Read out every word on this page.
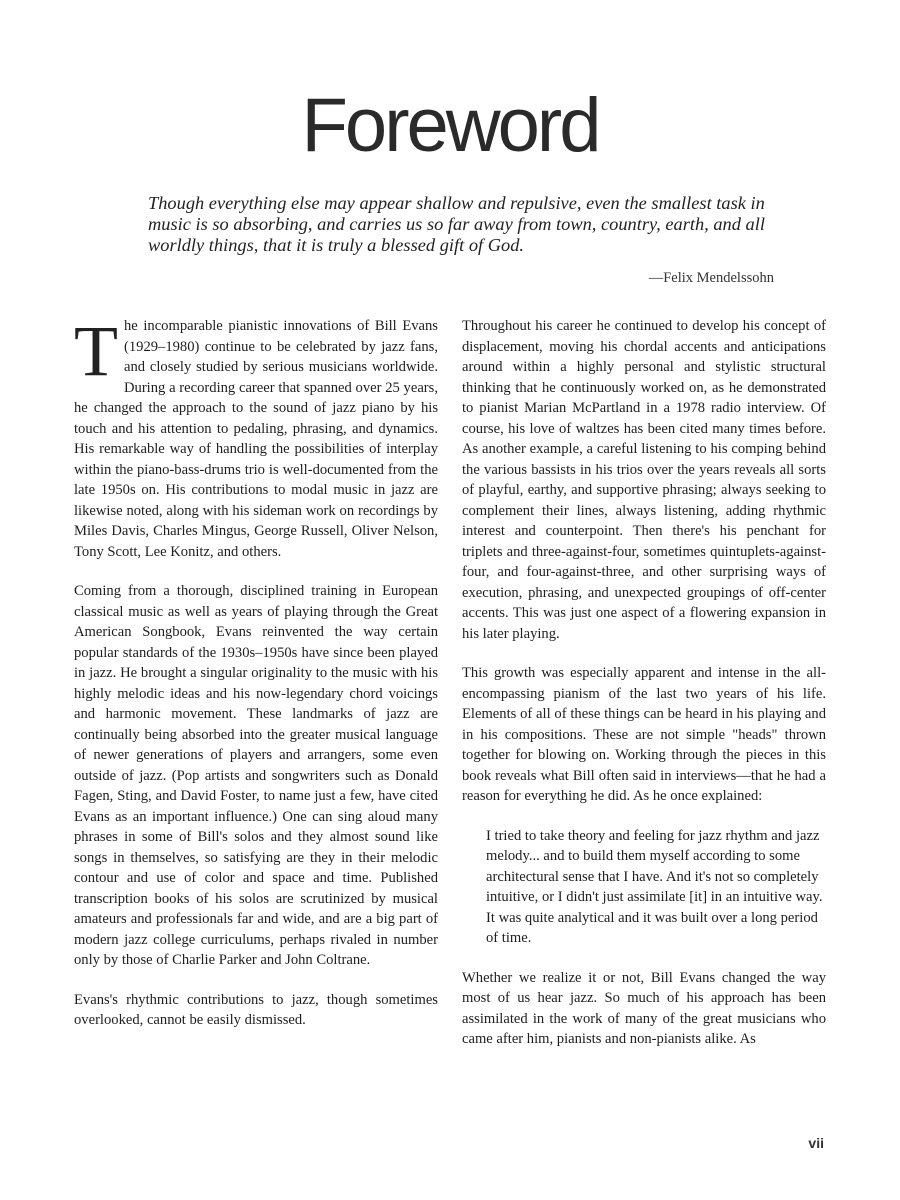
Foreword

Though everything else may appear shallow and repulsive, even the smallest task in music is so absorbing, and carries us so far away from town, country, earth, and all worldly things, that it is truly a blessed gift of God.

—Felix Mendelssohn

The incomparable pianistic innovations of Bill Evans (1929–1980) continue to be celebrated by jazz fans, and closely studied by serious musicians worldwide. During a recording career that spanned over 25 years, he changed the approach to the sound of jazz piano by his touch and his attention to pedaling, phrasing, and dynamics. His remarkable way of handling the possibilities of interplay within the piano-bass-drums trio is well-documented from the late 1950s on. His contributions to modal music in jazz are likewise noted, along with his sideman work on recordings by Miles Davis, Charles Mingus, George Russell, Oliver Nelson, Tony Scott, Lee Konitz, and others.

Coming from a thorough, disciplined training in European classical music as well as years of playing through the Great American Songbook, Evans reinvented the way certain popular standards of the 1930s–1950s have since been played in jazz. He brought a singular originality to the music with his highly melodic ideas and his now-legendary chord voicings and harmonic movement. These landmarks of jazz are continually being absorbed into the greater musical language of newer generations of players and arrangers, some even outside of jazz. (Pop artists and songwriters such as Donald Fagen, Sting, and David Foster, to name just a few, have cited Evans as an important influence.) One can sing aloud many phrases in some of Bill's solos and they almost sound like songs in themselves, so satisfying are they in their melodic contour and use of color and space and time. Published transcription books of his solos are scrutinized by musical amateurs and professionals far and wide, and are a big part of modern jazz college curriculums, perhaps rivaled in number only by those of Charlie Parker and John Coltrane.

Evans's rhythmic contributions to jazz, though sometimes overlooked, cannot be easily dismissed.

Throughout his career he continued to develop his concept of displacement, moving his chordal accents and anticipations around within a highly personal and stylistic structural thinking that he continuously worked on, as he demonstrated to pianist Marian McPartland in a 1978 radio interview. Of course, his love of waltzes has been cited many times before. As another example, a careful listening to his comping behind the various bassists in his trios over the years reveals all sorts of playful, earthy, and supportive phrasing; always seeking to complement their lines, always listening, adding rhythmic interest and counterpoint. Then there's his penchant for triplets and three-against-four, sometimes quintuplets-against-four, and four-against-three, and other surprising ways of execution, phrasing, and unexpected groupings of off-center accents. This was just one aspect of a flowering expansion in his later playing.

This growth was especially apparent and intense in the all-encompassing pianism of the last two years of his life. Elements of all of these things can be heard in his playing and in his compositions. These are not simple "heads" thrown together for blowing on. Working through the pieces in this book reveals what Bill often said in interviews—that he had a reason for everything he did. As he once explained:

I tried to take theory and feeling for jazz rhythm and jazz melody... and to build them myself according to some architectural sense that I have. And it's not so completely intuitive, or I didn't just assimilate [it] in an intuitive way. It was quite analytical and it was built over a long period of time.

Whether we realize it or not, Bill Evans changed the way most of us hear jazz. So much of his approach has been assimilated in the work of many of the great musicians who came after him, pianists and non-pianists alike. As

vii
